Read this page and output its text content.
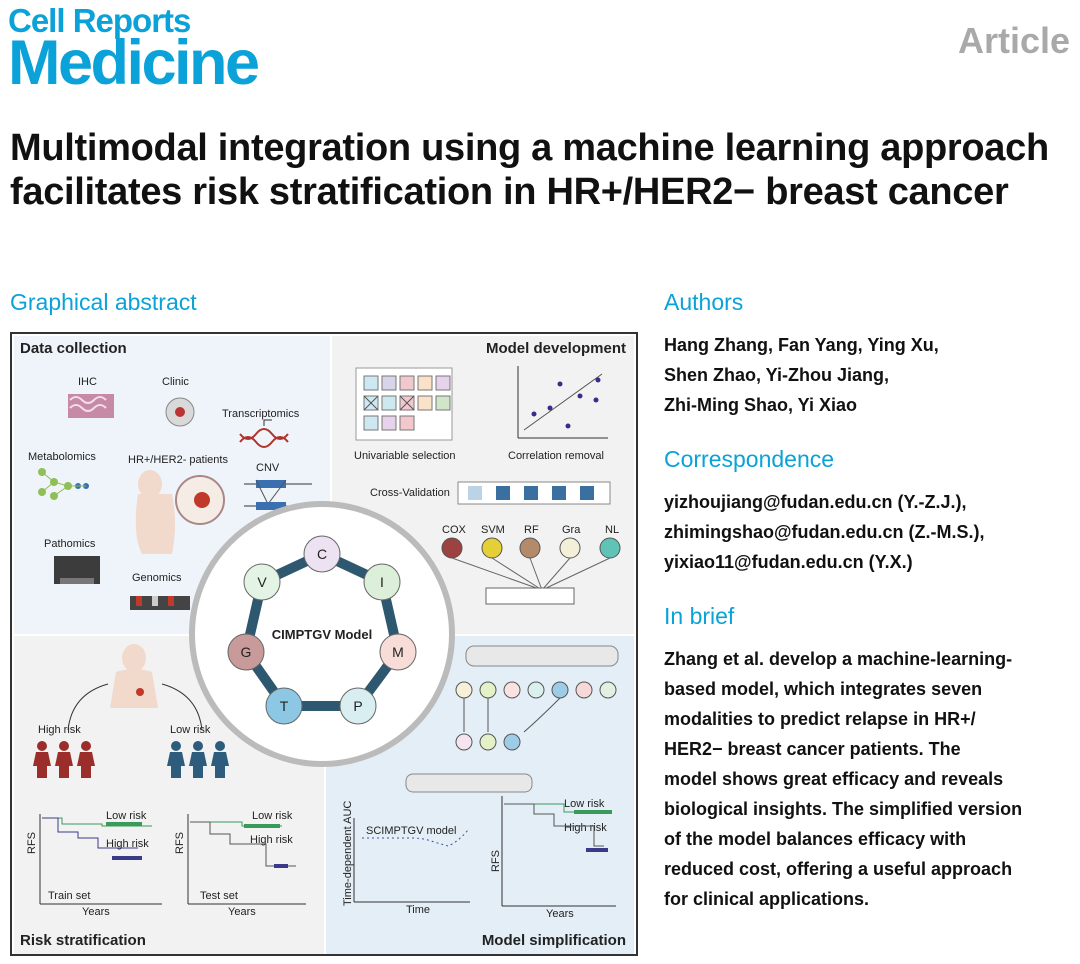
Cell Reports
Medicine	Article
Multimodal integration using a machine learning approach facilitates risk stratification in HR+/HER2− breast cancer
Graphical abstract
Data collection	Model development
Risk stratification	Model simplification
IHC	Clinic
Transcriptomics
Metabolomics	HR+/HER2- patients
CNV
Pathomics
Genomics
Univariable selection	Correlation removal
Cross-Validation
COX SVM RF Gra NL
High risk	Low risk
Low risk
High risk
Low risk
High risk
Train set	Test set
Years	Years
RFS	RFS
SCIMPTGV model
Time
Time-dependent AUC	Low risk
High risk
RFS
Years
CIMPTGV Model
C
I
M
P
T
G
V
Authors
Hang Zhang, Fan Yang, Ying Xu,
Shen Zhao, Yi-Zhou Jiang,
Zhi-Ming Shao, Yi Xiao
Correspondence
yizhoujiang@fudan.edu.cn (Y.-Z.J.),
zhimingshao@fudan.edu.cn (Z.-M.S.),
yixiao11@fudan.edu.cn (Y.X.)
In brief
Zhang et al. develop a machine-learning-
based model, which integrates seven
modalities to predict relapse in HR+/
HER2− breast cancer patients. The
model shows great efficacy and reveals
biological insights. The simplified version
of the model balances efficacy with
reduced cost, offering a useful approach
for clinical applications.
